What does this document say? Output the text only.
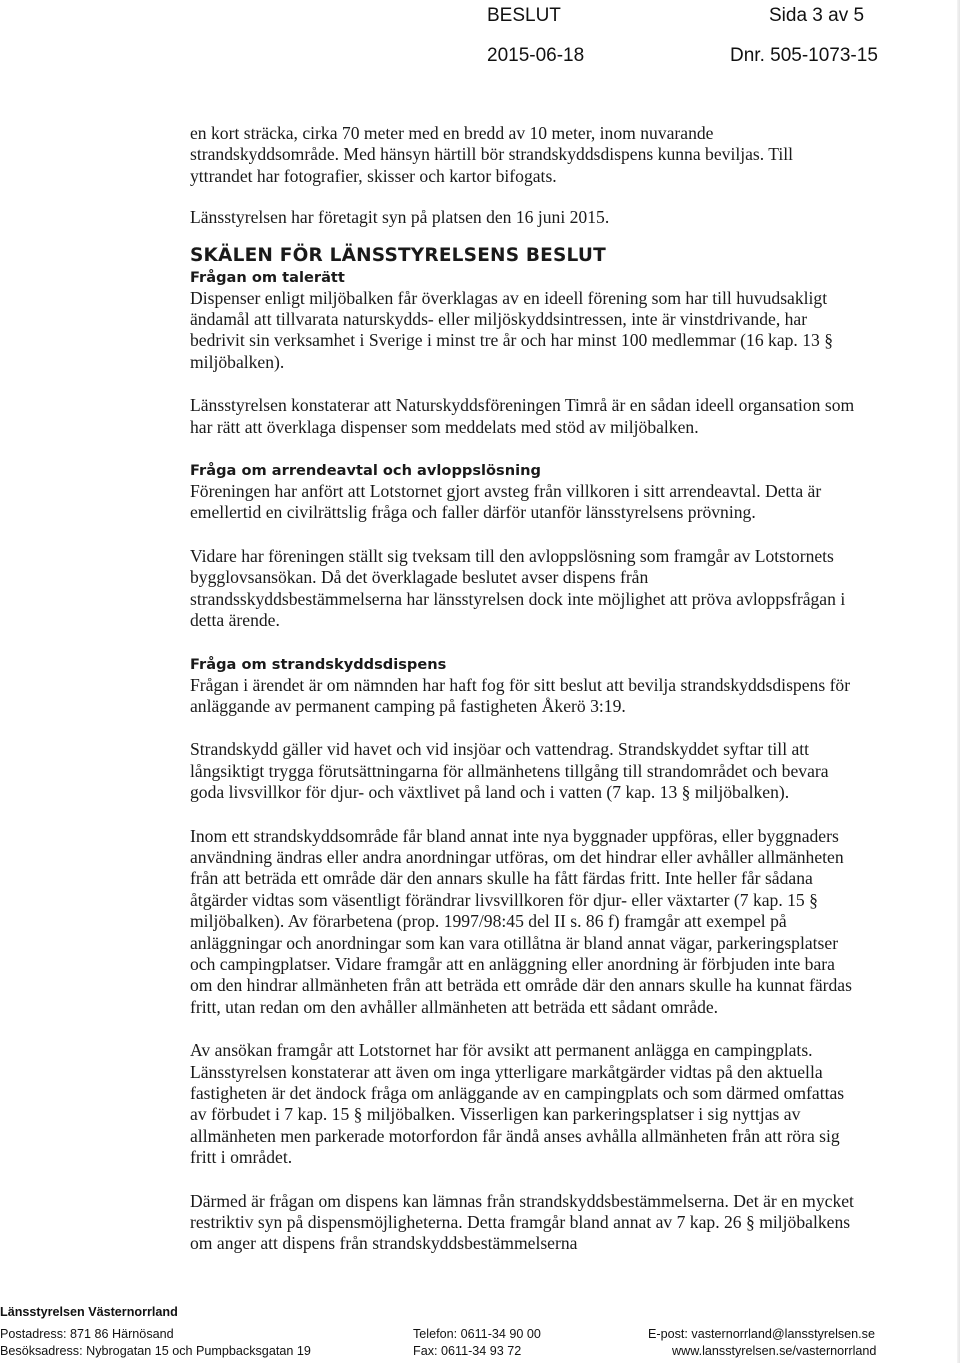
BESLUT	Sida 3 av 5
2015-06-18	Dnr. 505-1073-15

en kort sträcka, cirka 70 meter med en bredd av 10 meter, inom nuvarande strandskyddsområde. Med hänsyn härtill bör strandskyddsdispens kunna beviljas. Till yttrandet har fotografier, skisser och kartor bifogats.

Länsstyrelsen har företagit syn på platsen den 16 juni 2015.

SKÄLEN FÖR LÄNSSTYRELSENS BESLUT

Frågan om talerätt

Dispenser enligt miljöbalken får överklagas av en ideell förening som har till huvudsakligt ändamål att tillvarata naturskydds- eller miljöskyddsintressen, inte är vinstdrivande, har bedrivit sin verksamhet i Sverige i minst tre år och har minst 100 medlemmar (16 kap. 13 § miljöbalken).

Länsstyrelsen konstaterar att Naturskyddsföreningen Timrå är en sådan ideell organsation som har rätt att överklaga dispenser som meddelats med stöd av miljöbalken.

Fråga om arrendeavtal och avloppslösning

Föreningen har anfört att Lotstornet gjort avsteg från villkoren i sitt arrendeavtal. Detta är emellertid en civilrättslig fråga och faller därför utanför länsstyrelsens prövning.

Vidare har föreningen ställt sig tveksam till den avloppslösning som framgår av Lotstornets bygglovsansökan. Då det överklagade beslutet avser dispens från strandsskyddsbestämmelserna har länsstyrelsen dock inte möjlighet att pröva avloppsfrågan i detta ärende.

Fråga om strandskyddsdispens

Frågan i ärendet är om nämnden har haft fog för sitt beslut att bevilja strandskyddsdispens för anläggande av permanent camping på fastigheten Åkerö 3:19.

Strandskydd gäller vid havet och vid insjöar och vattendrag. Strandskyddet syftar till att långsiktigt trygga förutsättningarna för allmänhetens tillgång till strandområdet och bevara goda livsvillkor för djur- och växtlivet på land och i vatten (7 kap. 13 § miljöbalken).

Inom ett strandskyddsområde får bland annat inte nya byggnader uppföras, eller byggnaders användning ändras eller andra anordningar utföras, om det hindrar eller avhåller allmänheten från att beträda ett område där den annars skulle ha fått färdas fritt. Inte heller får sådana åtgärder vidtas som väsentligt förändrar livsvillkoren för djur- eller växtarter (7 kap. 15 § miljöbalken). Av förarbetena (prop. 1997/98:45 del II s. 86 f) framgår att exempel på anläggningar och anordningar som kan vara otillåtna är bland annat vägar, parkeringsplatser och campingplatser. Vidare framgår att en anläggning eller anordning är förbjuden inte bara om den hindrar allmänheten från att beträda ett område där den annars skulle ha kunnat färdas fritt, utan redan om den avhåller allmänheten att beträda ett sådant område.

Av ansökan framgår att Lotstornet har för avsikt att permanent anlägga en campingplats. Länsstyrelsen konstaterar att även om inga ytterligare markåtgärder vidtas på den aktuella fastigheten är det ändock fråga om anläggande av en campingplats och som därmed omfattas av förbudet i 7 kap. 15 § miljöbalken. Visserligen kan parkeringsplatser i sig nyttjas av allmänheten men parkerade motorfordon får ändå anses avhålla allmänheten från att röra sig fritt i området.

Därmed är frågan om dispens kan lämnas från strandskyddsbestämmelserna. Det är en mycket restriktiv syn på dispensmöjligheterna. Detta framgår bland annat av 7 kap. 26 § miljöbalkens om anger att dispens från strandskyddsbestämmelserna

Länsstyrelsen Västernorrland
Postadress: 871 86 Härnösand
Besöksadress: Nybrogatan 15 och Pumpbacksgatan 19
Telefon: 0611-34 90 00
Fax: 0611-34 93 72
E-post: vasternorrland@lansstyrelsen.se
www.lansstyrelsen.se/vasternorrland
